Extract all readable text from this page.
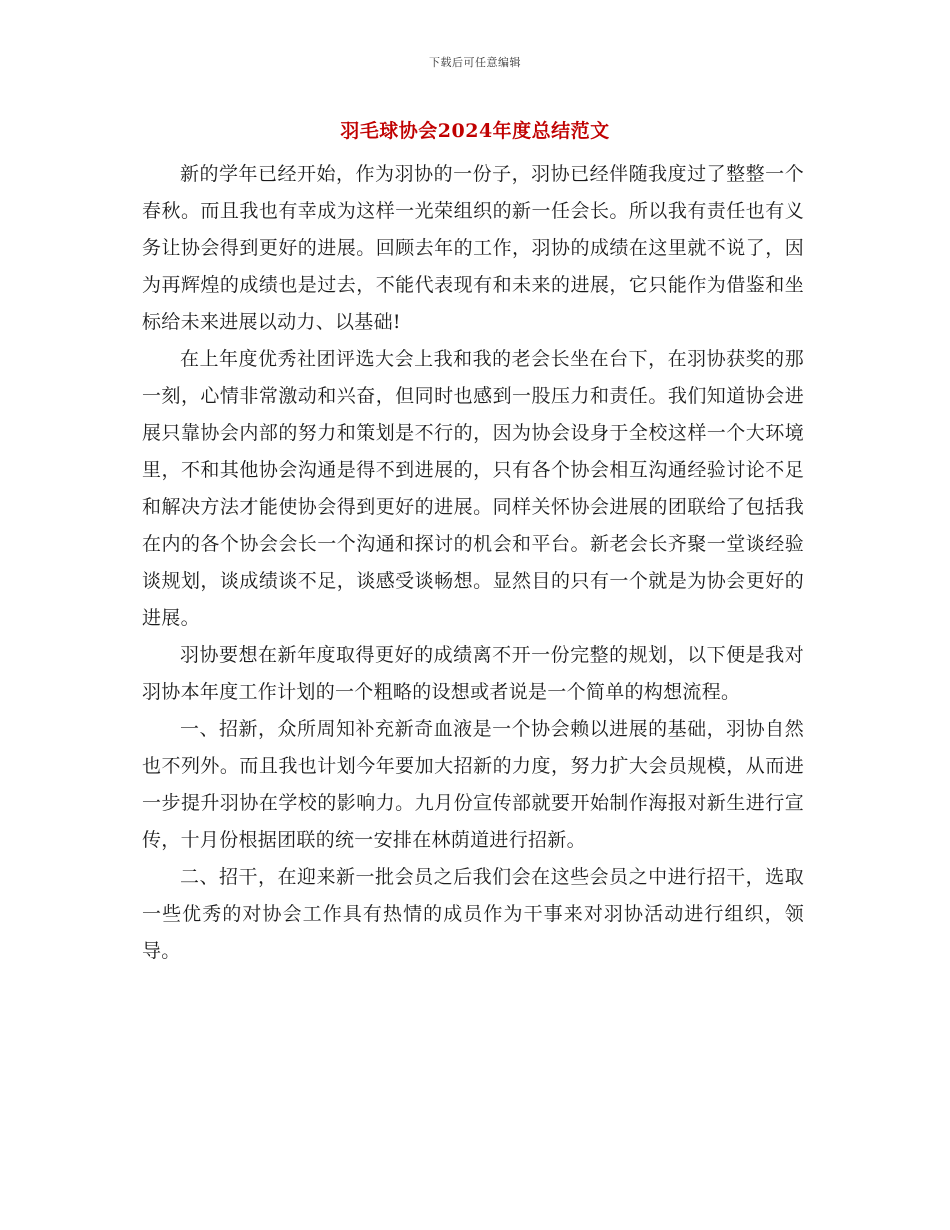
下载后可任意编辑
羽毛球协会2024年度总结范文

新的学年已经开始，作为羽协的一份子，羽协已经伴随我度过了整整一个春秋。而且我也有幸成为这样一光荣组织的新一任会长。所以我有责任也有义务让协会得到更好的进展。回顾去年的工作，羽协的成绩在这里就不说了，因为再辉煌的成绩也是过去，不能代表现有和未来的进展，它只能作为借鉴和坐标给未来进展以动力、以基础!

在上年度优秀社团评选大会上我和我的老会长坐在台下，在羽协获奖的那一刻，心情非常激动和兴奋，但同时也感到一股压力和责任。我们知道协会进展只靠协会内部的努力和策划是不行的，因为协会设身于全校这样一个大环境里，不和其他协会沟通是得不到进展的，只有各个协会相互沟通经验讨论不足和解决方法才能使协会得到更好的进展。同样关怀协会进展的团联给了包括我在内的各个协会会长一个沟通和探讨的机会和平台。新老会长齐聚一堂谈经验谈规划，谈成绩谈不足，谈感受谈畅想。显然目的只有一个就是为协会更好的进展。

羽协要想在新年度取得更好的成绩离不开一份完整的规划，以下便是我对羽协本年度工作计划的一个粗略的设想或者说是一个简单的构想流程。

一、招新，众所周知补充新奇血液是一个协会赖以进展的基础，羽协自然也不列外。而且我也计划今年要加大招新的力度，努力扩大会员规模，从而进一步提升羽协在学校的影响力。九月份宣传部就要开始制作海报对新生进行宣传，十月份根据团联的统一安排在林荫道进行招新。

二、招干，在迎来新一批会员之后我们会在这些会员之中进行招干，选取一些优秀的对协会工作具有热情的成员作为干事来对羽协活动进行组织，领导。
